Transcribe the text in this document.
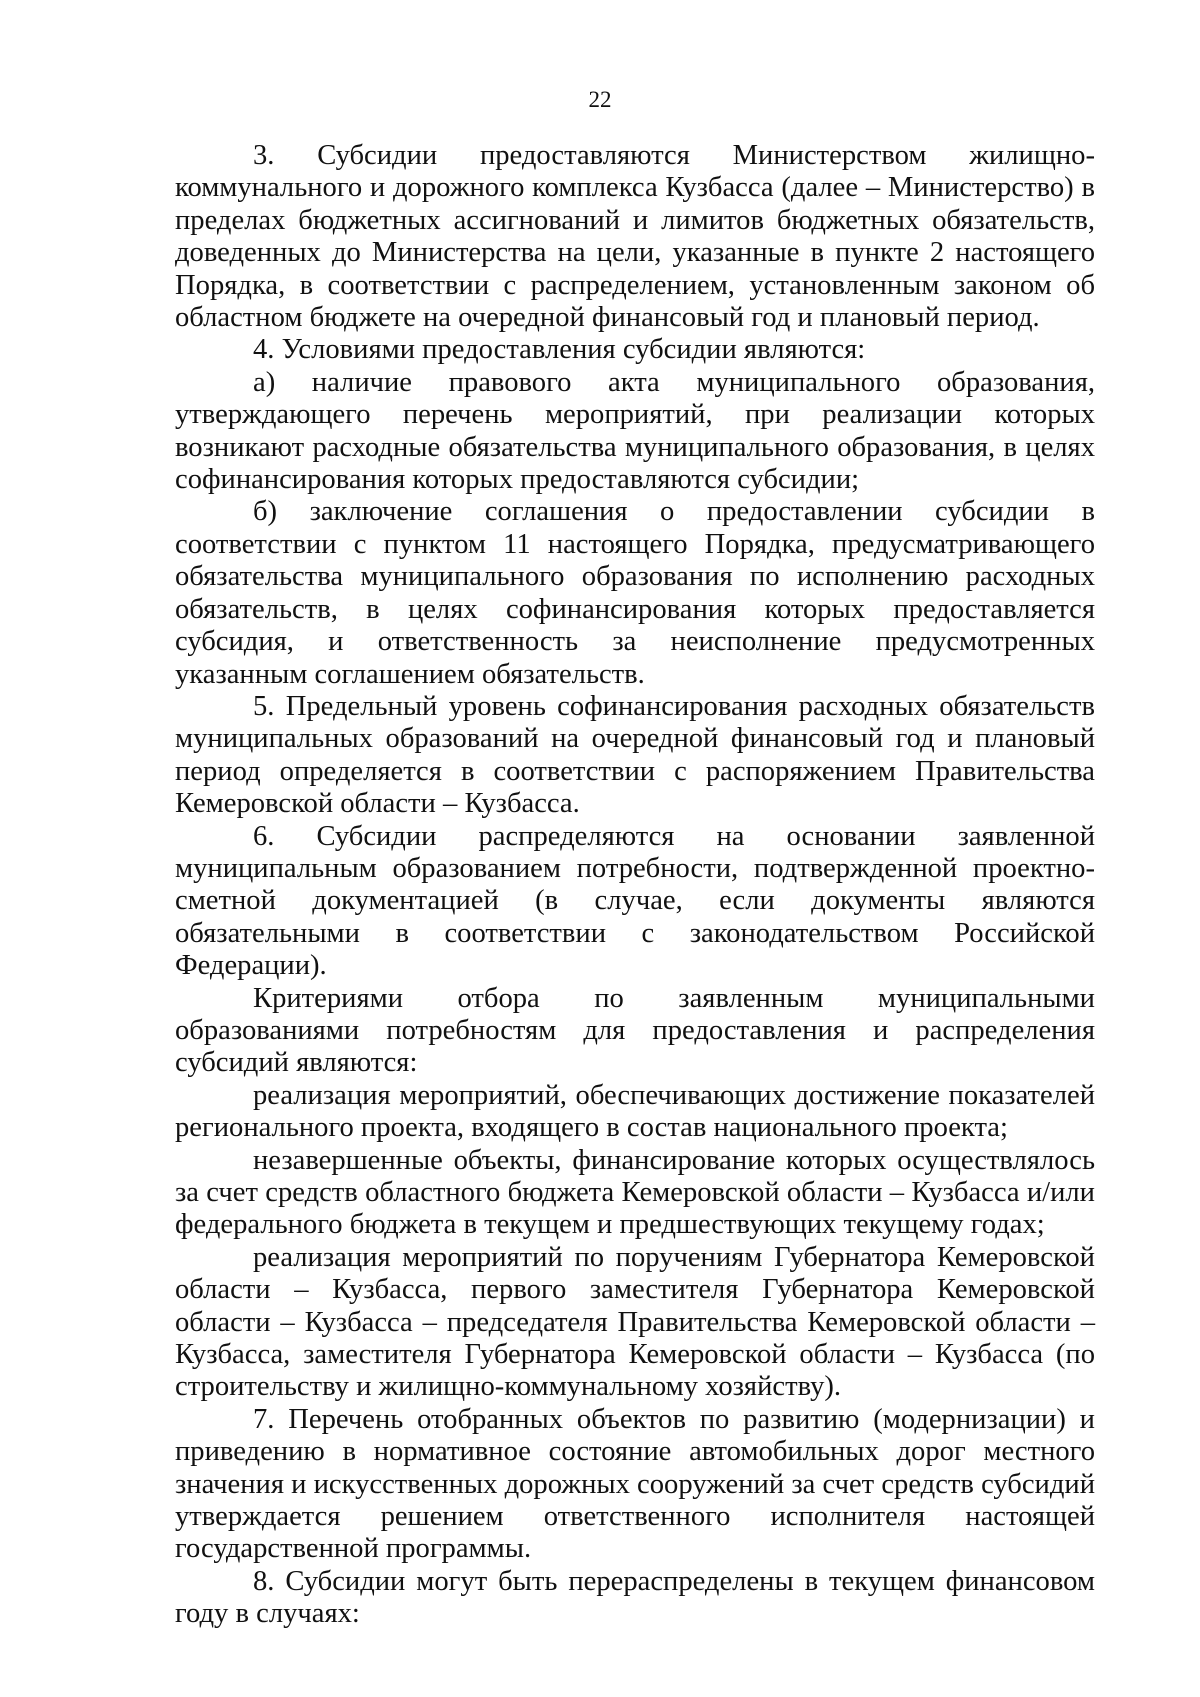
22

3. Субсидии предоставляются Министерством жилищно-коммунального и дорожного комплекса Кузбасса (далее – Министерство) в пределах бюджетных ассигнований и лимитов бюджетных обязательств, доведенных до Министерства на цели, указанные в пункте 2 настоящего Порядка, в соответствии с распределением, установленным законом об областном бюджете на очередной финансовый год и плановый период.

4. Условиями предоставления субсидии являются:

а) наличие правового акта муниципального образования, утверждающего перечень мероприятий, при реализации которых возникают расходные обязательства муниципального образования, в целях софинансирования которых предоставляются субсидии;

б) заключение соглашения о предоставлении субсидии в соответствии с пунктом 11 настоящего Порядка, предусматривающего обязательства муниципального образования по исполнению расходных обязательств, в целях софинансирования которых предоставляется субсидия, и ответственность за неисполнение предусмотренных указанным соглашением обязательств.

5. Предельный уровень софинансирования расходных обязательств муниципальных образований на очередной финансовый год и плановый период определяется в соответствии с распоряжением Правительства Кемеровской области – Кузбасса.

6. Субсидии распределяются на основании заявленной муниципальным образованием потребности, подтвержденной проектно-сметной документацией (в случае, если документы являются обязательными в соответствии с законодательством Российской Федерации).

Критериями отбора по заявленным муниципальными образованиями потребностям для предоставления и распределения субсидий являются:

реализация мероприятий, обеспечивающих достижение показателей регионального проекта, входящего в состав национального проекта;

незавершенные объекты, финансирование которых осуществлялось за счет средств областного бюджета Кемеровской области – Кузбасса и/или федерального бюджета в текущем и предшествующих текущему годах;

реализация мероприятий по поручениям Губернатора Кемеровской области – Кузбасса, первого заместителя Губернатора Кемеровской области – Кузбасса – председателя Правительства Кемеровской области – Кузбасса, заместителя Губернатора Кемеровской области – Кузбасса (по строительству и жилищно-коммунальному хозяйству).

7. Перечень отобранных объектов по развитию (модернизации) и приведению в нормативное состояние автомобильных дорог местного значения и искусственных дорожных сооружений за счет средств субсидий утверждается решением ответственного исполнителя настоящей государственной программы.

8. Субсидии могут быть перераспределены в текущем финансовом году в случаях:
